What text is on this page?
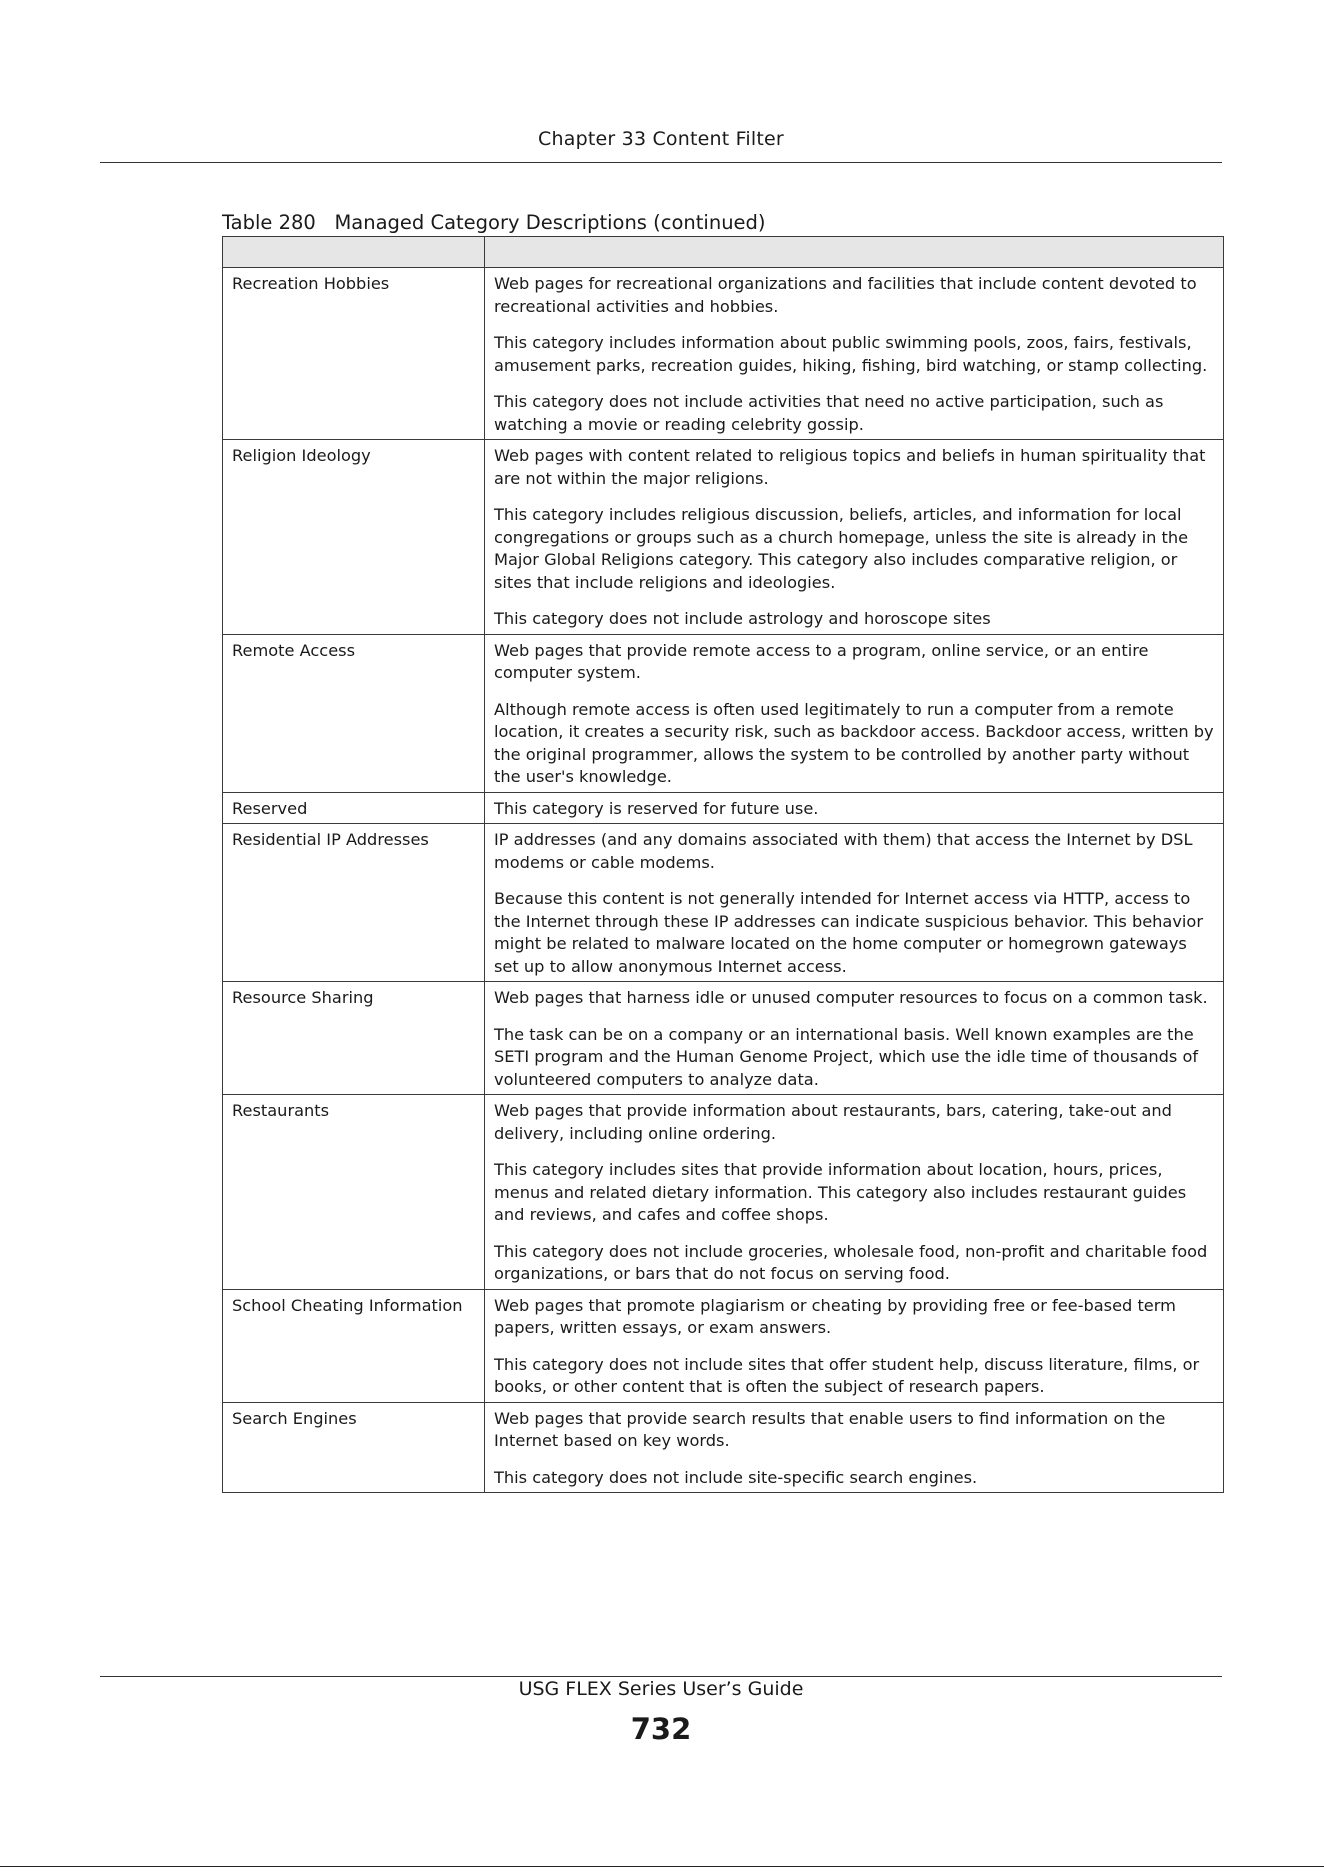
Chapter 33 Content Filter
Table 280   Managed Category Descriptions (continued)

Recreation Hobbies	Web pages for recreational organizations and facilities that include content devoted to recreational activities and hobbies.

This category includes information about public swimming pools, zoos, fairs, festivals, amusement parks, recreation guides, hiking, fishing, bird watching, or stamp collecting.

This category does not include activities that need no active participation, such as watching a movie or reading celebrity gossip.

Religion Ideology	Web pages with content related to religious topics and beliefs in human spirituality that are not within the major religions.

This category includes religious discussion, beliefs, articles, and information for local congregations or groups such as a church homepage, unless the site is already in the Major Global Religions category. This category also includes comparative religion, or sites that include religions and ideologies.

This category does not include astrology and horoscope sites

Remote Access	Web pages that provide remote access to a program, online service, or an entire computer system.

Although remote access is often used legitimately to run a computer from a remote location, it creates a security risk, such as backdoor access. Backdoor access, written by the original programmer, allows the system to be controlled by another party without the user's knowledge.

Reserved	This category is reserved for future use.

Residential IP Addresses	IP addresses (and any domains associated with them) that access the Internet by DSL modems or cable modems.

Because this content is not generally intended for Internet access via HTTP, access to the Internet through these IP addresses can indicate suspicious behavior. This behavior might be related to malware located on the home computer or homegrown gateways set up to allow anonymous Internet access.

Resource Sharing	Web pages that harness idle or unused computer resources to focus on a common task.

The task can be on a company or an international basis. Well known examples are the SETI program and the Human Genome Project, which use the idle time of thousands of volunteered computers to analyze data.

Restaurants	Web pages that provide information about restaurants, bars, catering, take-out and delivery, including online ordering.

This category includes sites that provide information about location, hours, prices, menus and related dietary information. This category also includes restaurant guides and reviews, and cafes and coffee shops.

This category does not include groceries, wholesale food, non-profit and charitable food organizations, or bars that do not focus on serving food.

School Cheating Information	Web pages that promote plagiarism or cheating by providing free or fee-based term papers, written essays, or exam answers.

This category does not include sites that offer student help, discuss literature, films, or books, or other content that is often the subject of research papers.

Search Engines	Web pages that provide search results that enable users to find information on the Internet based on key words.

This category does not include site-specific search engines.

USG FLEX Series User’s Guide
732
